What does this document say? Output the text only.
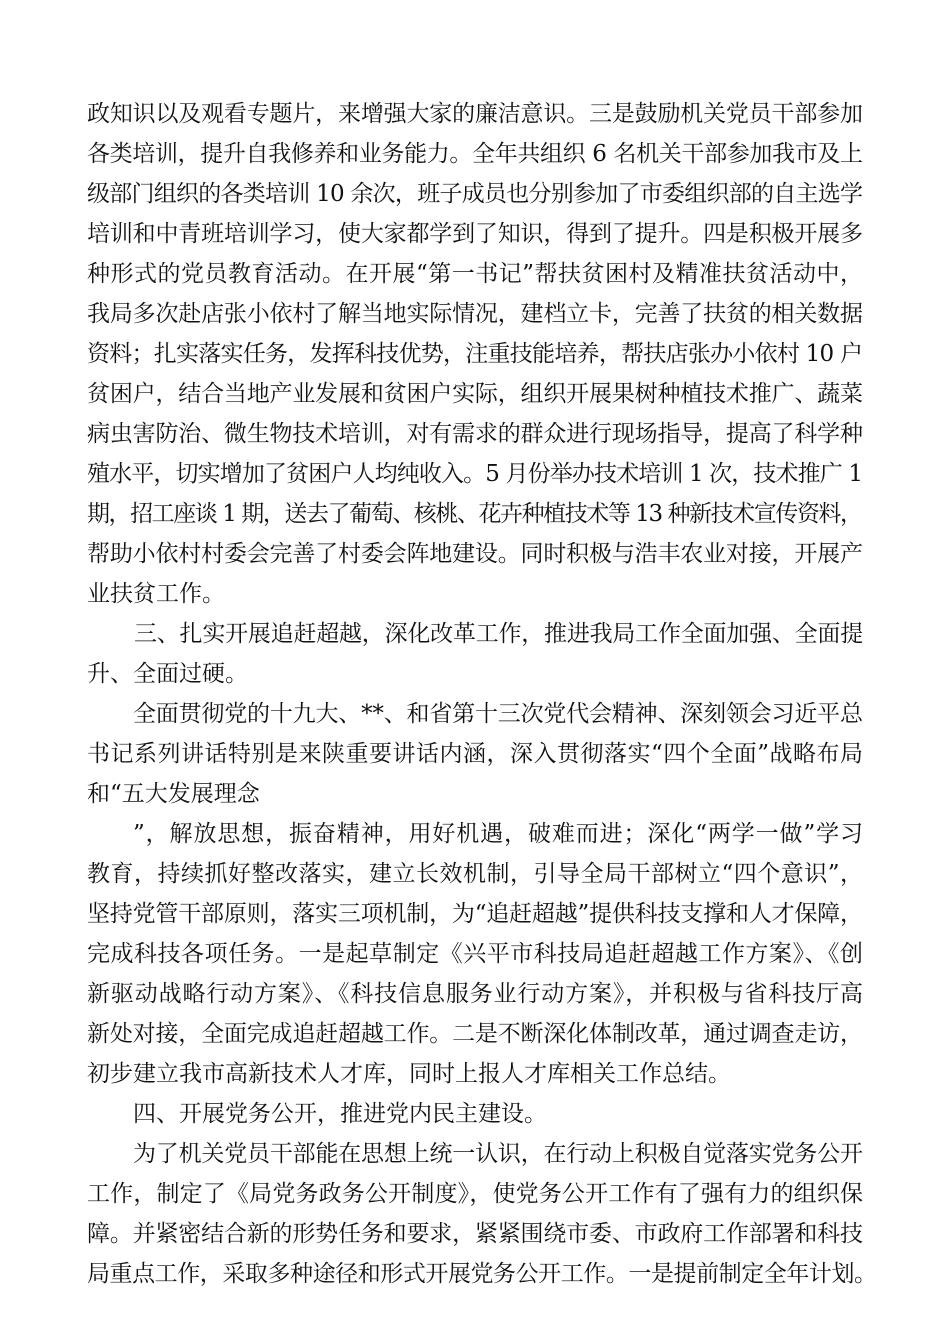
政知识以及观看专题片，来增强大家的廉洁意识。三是鼓励机关党员干部参加
各类培训，提升自我修养和业务能力。全年共组织 6 名机关干部参加我市及上
级部门组织的各类培训 10 余次，班子成员也分别参加了市委组织部的自主选学
培训和中青班培训学习，使大家都学到了知识，得到了提升。四是积极开展多
种形式的党员教育活动。在开展“第一书记”帮扶贫困村及精准扶贫活动中，
我局多次赴店张小依村了解当地实际情况，建档立卡，完善了扶贫的相关数据
资料；扎实落实任务，发挥科技优势，注重技能培养，帮扶店张办小依村 10 户
贫困户，结合当地产业发展和贫困户实际，组织开展果树种植技术推广、蔬菜
病虫害防治、微生物技术培训，对有需求的群众进行现场指导，提高了科学种
殖水平，切实增加了贫困户人均纯收入。5 月份举办技术培训 1 次，技术推广 1
期，招工座谈 1 期，送去了葡萄、核桃、花卉种植技术等 13 种新技术宣传资料，
帮助小依村村委会完善了村委会阵地建设。同时积极与浩丰农业对接，开展产
业扶贫工作。
三、扎实开展追赶超越，深化改革工作，推进我局工作全面加强、全面提
升、全面过硬。
全面贯彻党的十九大、**、和省第十三次党代会精神、深刻领会习近平总
书记系列讲话特别是来陕重要讲话内涵，深入贯彻落实“四个全面”战略布局
和“五大发展理念
”，解放思想，振奋精神，用好机遇，破难而进；深化“两学一做”学习
教育，持续抓好整改落实，建立长效机制，引导全局干部树立“四个意识”，
坚持党管干部原则，落实三项机制，为“追赶超越”提供科技支撑和人才保障，
完成科技各项任务。一是起草制定《兴平市科技局追赶超越工作方案》、《创
新驱动战略行动方案》、《科技信息服务业行动方案》，并积极与省科技厅高
新处对接，全面完成追赶超越工作。二是不断深化体制改革，通过调查走访，
初步建立我市高新技术人才库，同时上报人才库相关工作总结。
四、开展党务公开，推进党内民主建设。
为了机关党员干部能在思想上统一认识，在行动上积极自觉落实党务公开
工作，制定了《局党务政务公开制度》，使党务公开工作有了强有力的组织保
障。并紧密结合新的形势任务和要求，紧紧围绕市委、市政府工作部署和科技
局重点工作，采取多种途径和形式开展党务公开工作。一是提前制定全年计划。
